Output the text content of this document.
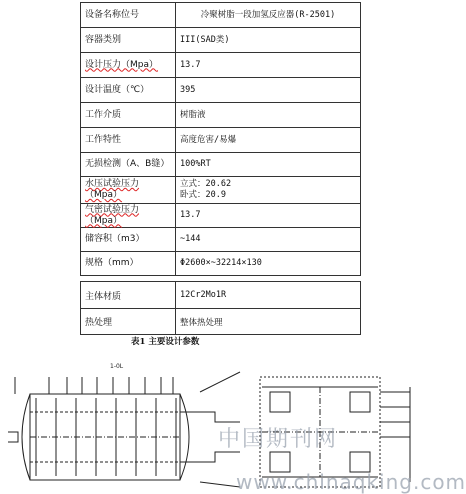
设备名称位号	冷聚树脂一段加氢反应器(R-2501)
容器类别	III(SAD类)
设计压力（Mpa）	13.7
设计温度（℃）	395
工作介质	树脂液
工作特性	高度危害/易爆
无损检测（A、B缝）	100%RT
水压试验压力（Mpa）	立式：20.62
卧式：20.9

气密试验压力（Mpa）	13.7
储容积（m3）	~144
规格（mm）	Φ2600×~32214×130
主体材质	12Cr2Mo1R
热处理	整体热处理
表1 主要设计参数
1-0L
中国期刊网
www.chinaqking.com
